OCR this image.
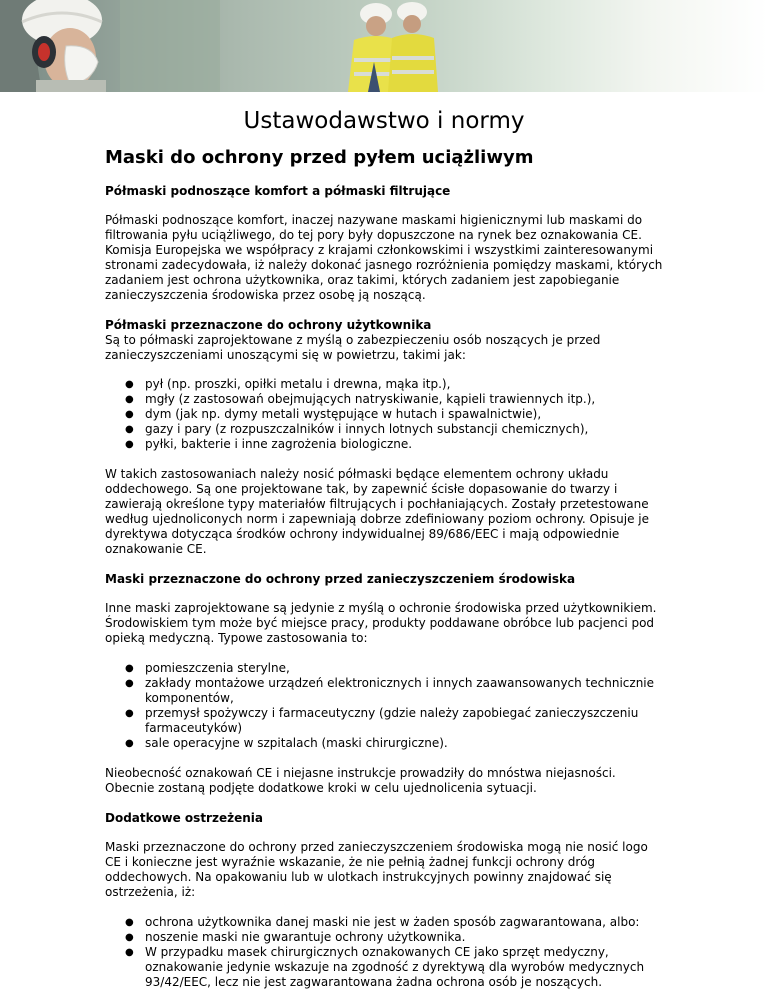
Ustawodawstwo i normy
Maski do ochrony przed pyłem uciążliwym
Półmaski podnoszące komfort a półmaski filtrujące

Półmaski podnoszące komfort, inaczej nazywane maskami higienicznymi lub maskami do filtrowania pyłu uciążliwego, do tej pory były dopuszczone na rynek bez oznakowania CE. Komisja Europejska we współpracy z krajami członkowskimi i wszystkimi zainteresowanymi stronami zadecydowała, iż należy dokonać jasnego rozróżnienia pomiędzy maskami, których zadaniem jest ochrona użytkownika, oraz takimi, których zadaniem jest zapobieganie zanieczyszczenia środowiska przez osobę ją noszącą.

Półmaski przeznaczone do ochrony użytkownika
Są to półmaski zaprojektowane z myślą o zabezpieczeniu osób noszących je przed zanieczyszczeniami unoszącymi się w powietrzu, takimi jak:

● pył (np. proszki, opiłki metalu i drewna, mąka itp.),
● mgły (z zastosowań obejmujących natryskiwanie, kąpieli trawiennych itp.),
● dym (jak np. dymy metali występujące w hutach i spawalnictwie),
● gazy i pary (z rozpuszczalników i innych lotnych substancji chemicznych),
● pyłki, bakterie i inne zagrożenia biologiczne.

W takich zastosowaniach należy nosić półmaski będące elementem ochrony układu oddechowego. Są one projektowane tak, by zapewnić ścisłe dopasowanie do twarzy i zawierają określone typy materiałów filtrujących i pochłaniających. Zostały przetestowane według ujednoliconych norm i zapewniają dobrze zdefiniowany poziom ochrony. Opisuje je dyrektywa dotycząca środków ochrony indywidualnej 89/686/EEC i mają odpowiednie oznakowanie CE.

Maski przeznaczone do ochrony przed zanieczyszczeniem środowiska

Inne maski zaprojektowane są jedynie z myślą o ochronie środowiska przed użytkownikiem. Środowiskiem tym może być miejsce pracy, produkty poddawane obróbce lub pacjenci pod opieką medyczną. Typowe zastosowania to:

● pomieszczenia sterylne,
● zakłady montażowe urządzeń elektronicznych i innych zaawansowanych technicznie komponentów,
● przemysł spożywczy i farmaceutyczny (gdzie należy zapobiegać zanieczyszczeniu farmaceutyków)
● sale operacyjne w szpitalach (maski chirurgiczne).

Nieobecność oznakowań CE i niejasne instrukcje prowadziły do mnóstwa niejasności. Obecnie zostaną podjęte dodatkowe kroki w celu ujednolicenia sytuacji.

Dodatkowe ostrzeżenia

Maski przeznaczone do ochrony przed zanieczyszczeniem środowiska mogą nie nosić logo CE i konieczne jest wyraźnie wskazanie, że nie pełnią żadnej funkcji ochrony dróg oddechowych. Na opakowaniu lub w ulotkach instrukcyjnych powinny znajdować się ostrzeżenia, iż:

● ochrona użytkownika danej maski nie jest w żaden sposób zagwarantowana, albo:
● noszenie maski nie gwarantuje ochrony użytkownika.
● W przypadku masek chirurgicznych oznakowanych CE jako sprzęt medyczny, oznakowanie jedynie wskazuje na zgodność z dyrektywą dla wyrobów medycznych 93/42/EEC, lecz nie jest zagwarantowana żadna ochrona osób je noszących.
